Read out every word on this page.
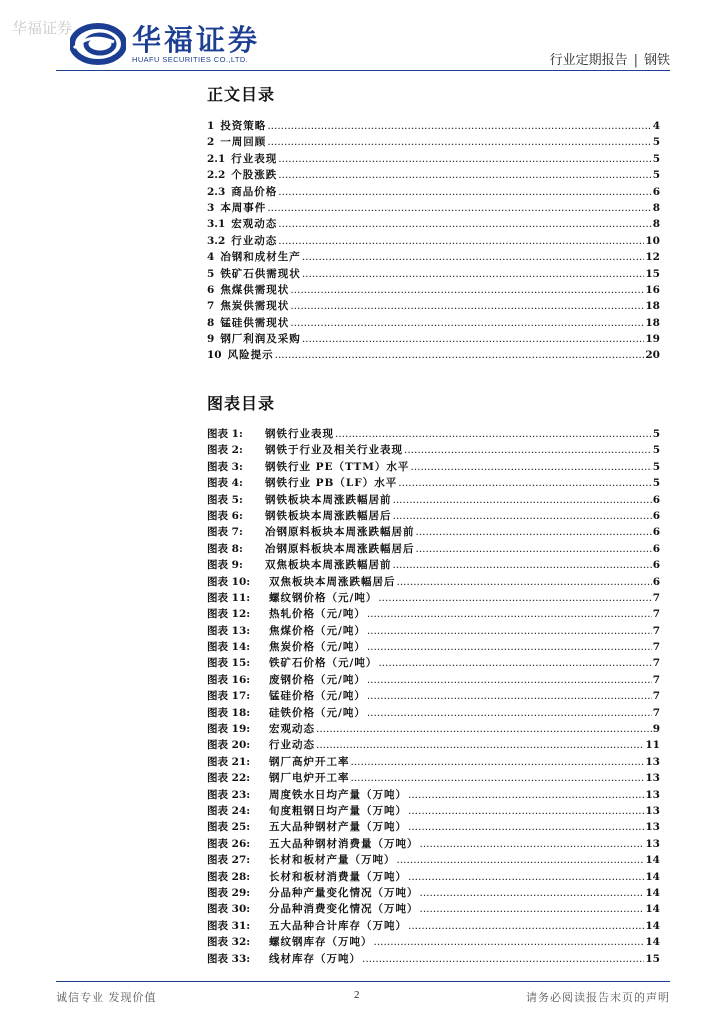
华福证券 华福证券
HUAFU SECURITIES CO.,LTD.	行业定期报告 | 钢铁
正文目录
1 投资策略 .....	4
2 一周回顾 .....	5
2.1 行业表现 .....	5
2.2 个股涨跌 .....	5
2.3 商品价格 .....	6
3 本周事件 .....	8
3.1 宏观动态 .....	8
3.2 行业动态 .....	10
4 冶钢和成材生产 .....	12
5 铁矿石供需现状 .....	15
6 焦煤供需现状 .....	16
7 焦炭供需现状 .....	18
8 锰硅供需现状 .....	18
9 钢厂利润及采购 .....	19
10 风险提示 .....	20
图表目录
图表 1:	钢铁行业表现 .....	5
图表 2:	钢铁于行业及相关行业表现 .....	5
图表 3:	钢铁行业 PE（TTM）水平 .....	5
图表 4:	钢铁行业 PB（LF）水平 .....	5
图表 5:	钢铁板块本周涨跌幅居前 .....	6
图表 6:	钢铁板块本周涨跌幅居后 .....	6
图表 7:	冶钢原料板块本周涨跌幅居前 .....	6
图表 8:	冶钢原料板块本周涨跌幅居后 .....	6
图表 9:	双焦板块本周涨跌幅居前 .....	6
图表 10:	双焦板块本周涨跌幅居后 .....	6
图表 11:	螺纹钢价格（元/吨） .....	7
图表 12:	热轧价格（元/吨） .....	7
图表 13:	焦煤价格（元/吨） .....	7
图表 14:	焦炭价格（元/吨） .....	7
图表 15:	铁矿石价格（元/吨） .....	7
图表 16:	废钢价格（元/吨） .....	7
图表 17:	锰硅价格（元/吨） .....	7
图表 18:	硅铁价格（元/吨） .....	7
图表 19:	宏观动态 .....	9
图表 20:	行业动态 .....	11
图表 21:	钢厂高炉开工率 .....	13
图表 22:	钢厂电炉开工率 .....	13
图表 23:	周度铁水日均产量（万吨） .....	13
图表 24:	旬度粗钢日均产量（万吨） .....	13
图表 25:	五大品种钢材产量（万吨） .....	13
图表 26:	五大品种钢材消费量（万吨） .....	13
图表 27:	长材和板材产量（万吨） .....	14
图表 28:	长材和板材消费量（万吨） .....	14
图表 29:	分品种产量变化情况（万吨） .....	14
图表 30:	分品种消费变化情况（万吨） .....	14
图表 31:	五大品种合计库存（万吨） .....	14
图表 32:	螺纹钢库存（万吨） .....	14
图表 33:	线材库存（万吨） .....	15
诚信专业 发现价值	2	请务必阅读报告末页的声明
